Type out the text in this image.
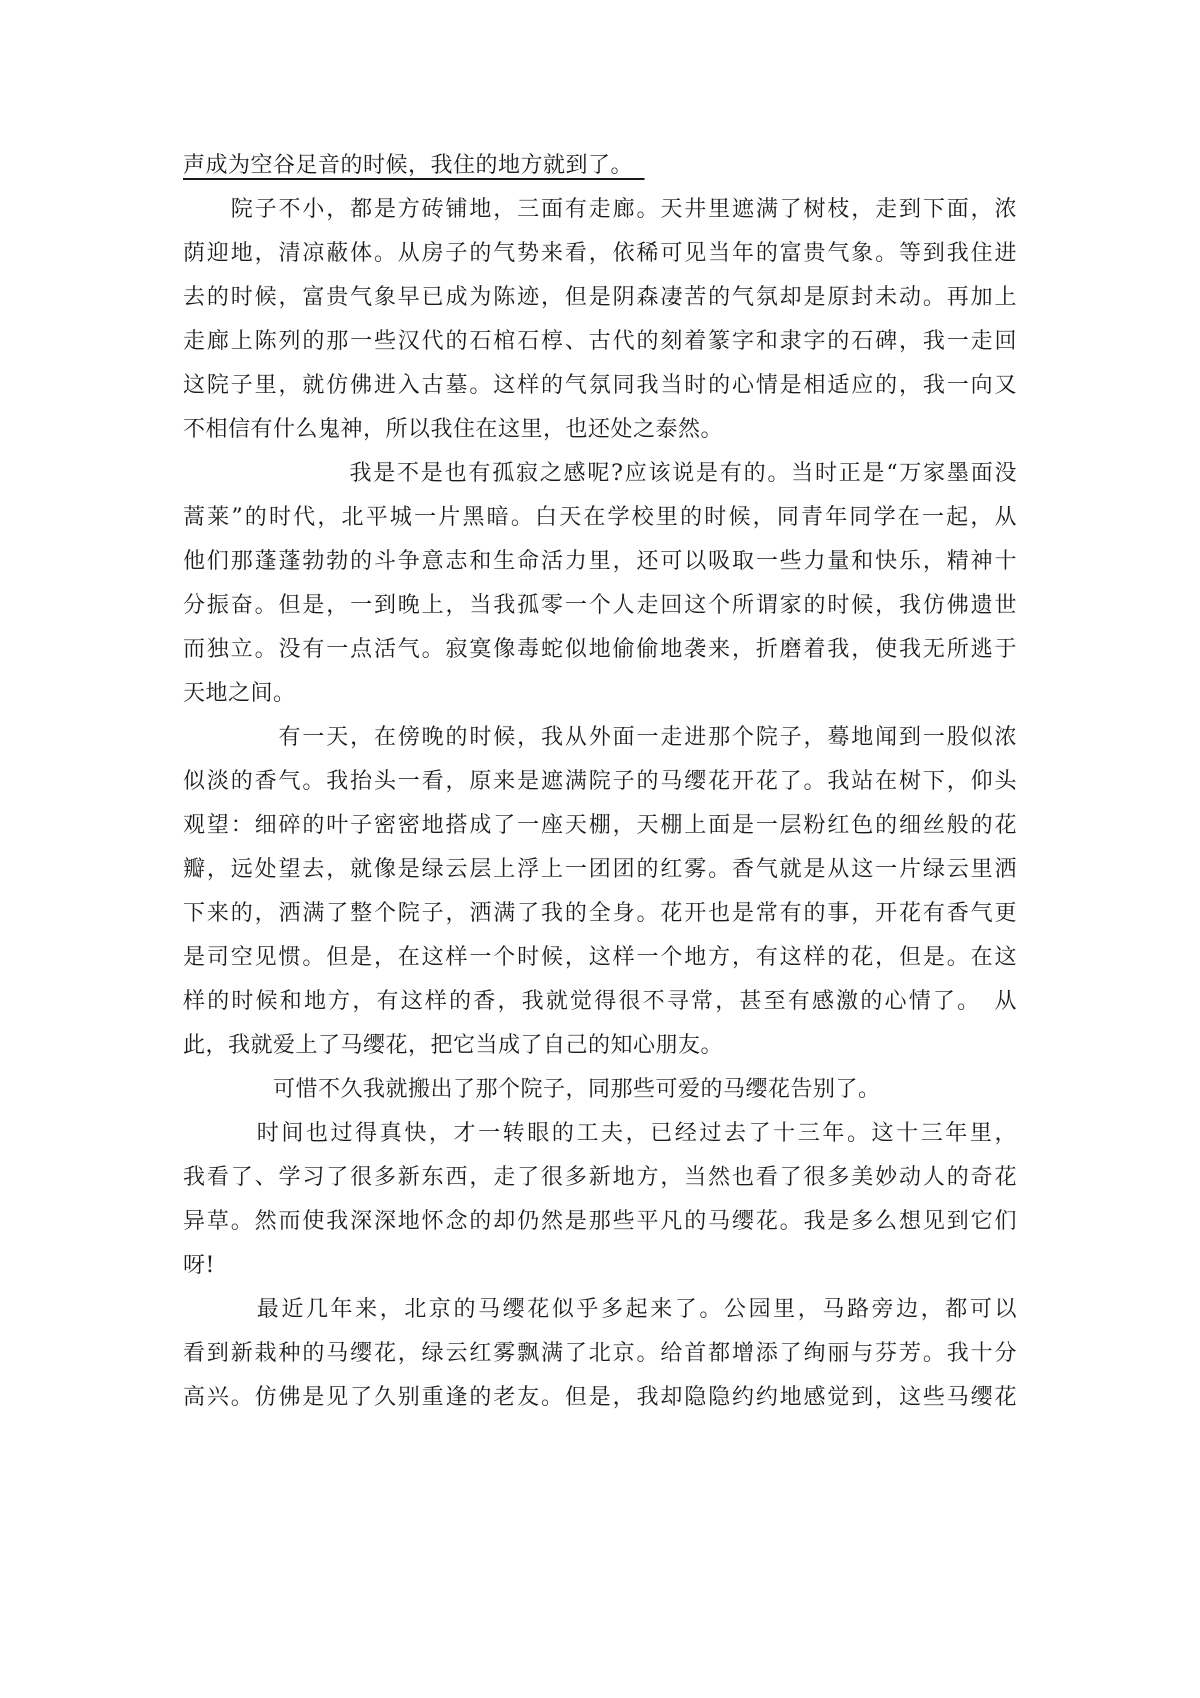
声成为空谷足音的时候，我住的地方就到了。　
　　院子不小，都是方砖铺地，三面有走廊。天井里遮满了树枝，走到下面，浓
荫迎地，清凉蔽体。从房子的气势来看，依稀可见当年的富贵气象。等到我住进
去的时候，富贵气象早已成为陈迹，但是阴森凄苦的气氛却是原封未动。再加上
走廊上陈列的那一些汉代的石棺石椁、古代的刻着篆字和隶字的石碑，我一走回
这院子里，就仿佛进入古墓。这样的气氛同我当时的心情是相适应的，我一向又
不相信有什么鬼神，所以我住在这里，也还处之泰然。
　　　　　　　我是不是也有孤寂之感呢?应该说是有的。当时正是“万家墨面没
蒿莱”的时代，北平城一片黑暗。白天在学校里的时候，同青年同学在一起，从
他们那蓬蓬勃勃的斗争意志和生命活力里，还可以吸取一些力量和快乐，精神十
分振奋。但是，一到晚上，当我孤零一个人走回这个所谓家的时候，我仿佛遗世
而独立。没有一点活气。寂寞像毒蛇似地偷偷地袭来，折磨着我，使我无所逃于
天地之间。
　　　　有一天，在傍晚的时候，我从外面一走进那个院子，蓦地闻到一股似浓
似淡的香气。我抬头一看，原来是遮满院子的马缨花开花了。我站在树下，仰头
观望：细碎的叶子密密地搭成了一座天棚，天棚上面是一层粉红色的细丝般的花
瓣，远处望去，就像是绿云层上浮上一团团的红雾。香气就是从这一片绿云里洒
下来的，洒满了整个院子，洒满了我的全身。花开也是常有的事，开花有香气更
是司空见惯。但是，在这样一个时候，这样一个地方，有这样的花，但是。在这
样的时候和地方，有这样的香，我就觉得很不寻常，甚至有感激的心情了。　从
此，我就爱上了马缨花，把它当成了自己的知心朋友。
　　　　可惜不久我就搬出了那个院子，同那些可爱的马缨花告别了。
　　　时间也过得真快，才一转眼的工夫，已经过去了十三年。这十三年里，
我看了、学习了很多新东西，走了很多新地方，当然也看了很多美妙动人的奇花
异草。然而使我深深地怀念的却仍然是那些平凡的马缨花。我是多么想见到它们
呀!
　　　最近几年来，北京的马缨花似乎多起来了。公园里，马路旁边，都可以
看到新栽种的马缨花，绿云红雾飘满了北京。给首都增添了绚丽与芬芳。我十分
高兴。仿佛是见了久别重逢的老友。但是，我却隐隐约约地感觉到，这些马缨花
